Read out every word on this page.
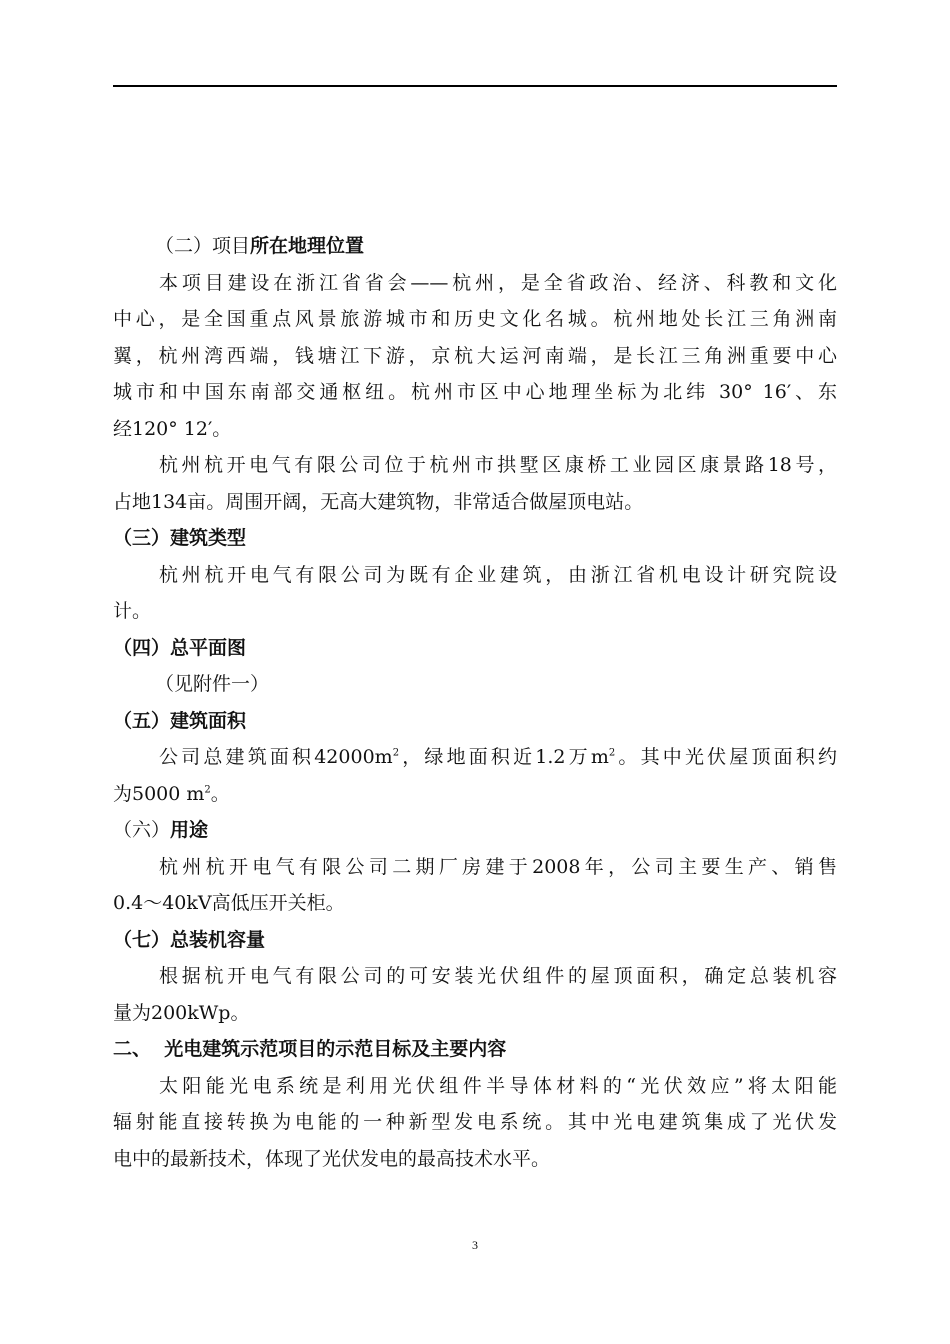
（二）项目所在地理位置
本项目建设在浙江省省会——杭州，是全省政治、经济、科教和文化
中心，是全国重点风景旅游城市和历史文化名城。杭州地处长江三角洲南
翼，杭州湾西端，钱塘江下游，京杭大运河南端，是长江三角洲重要中心
城市和中国东南部交通枢纽。杭州市区中心地理坐标为北纬 30° 16′、东
经120° 12′。
杭州杭开电气有限公司位于杭州市拱墅区康桥工业园区康景路18号，
占地134亩。周围开阔，无高大建筑物，非常适合做屋顶电站。
（三）建筑类型
杭州杭开电气有限公司为既有企业建筑，由浙江省机电设计研究院设
计。
（四）总平面图
（见附件一）
（五）建筑面积
公司总建筑面积$42000m^2$，绿地面积近1.2万$m^2$。其中光伏屋顶面积约
为5000 $m^2$。
（六）用途
杭州杭开电气有限公司二期厂房建于2008年，公司主要生产、销售
0.4～40kV高低压开关柜。
（七）总装机容量
根据杭开电气有限公司的可安装光伏组件的屋顶面积，确定总装机容
量为200kWp。
二、  光电建筑示范项目的示范目标及主要内容
太阳能光电系统是利用光伏组件半导体材料的“光伏效应”将太阳能
辐射能直接转换为电能的一种新型发电系统。其中光电建筑集成了光伏发
电中的最新技术，体现了光伏发电的最高技术水平。
3
